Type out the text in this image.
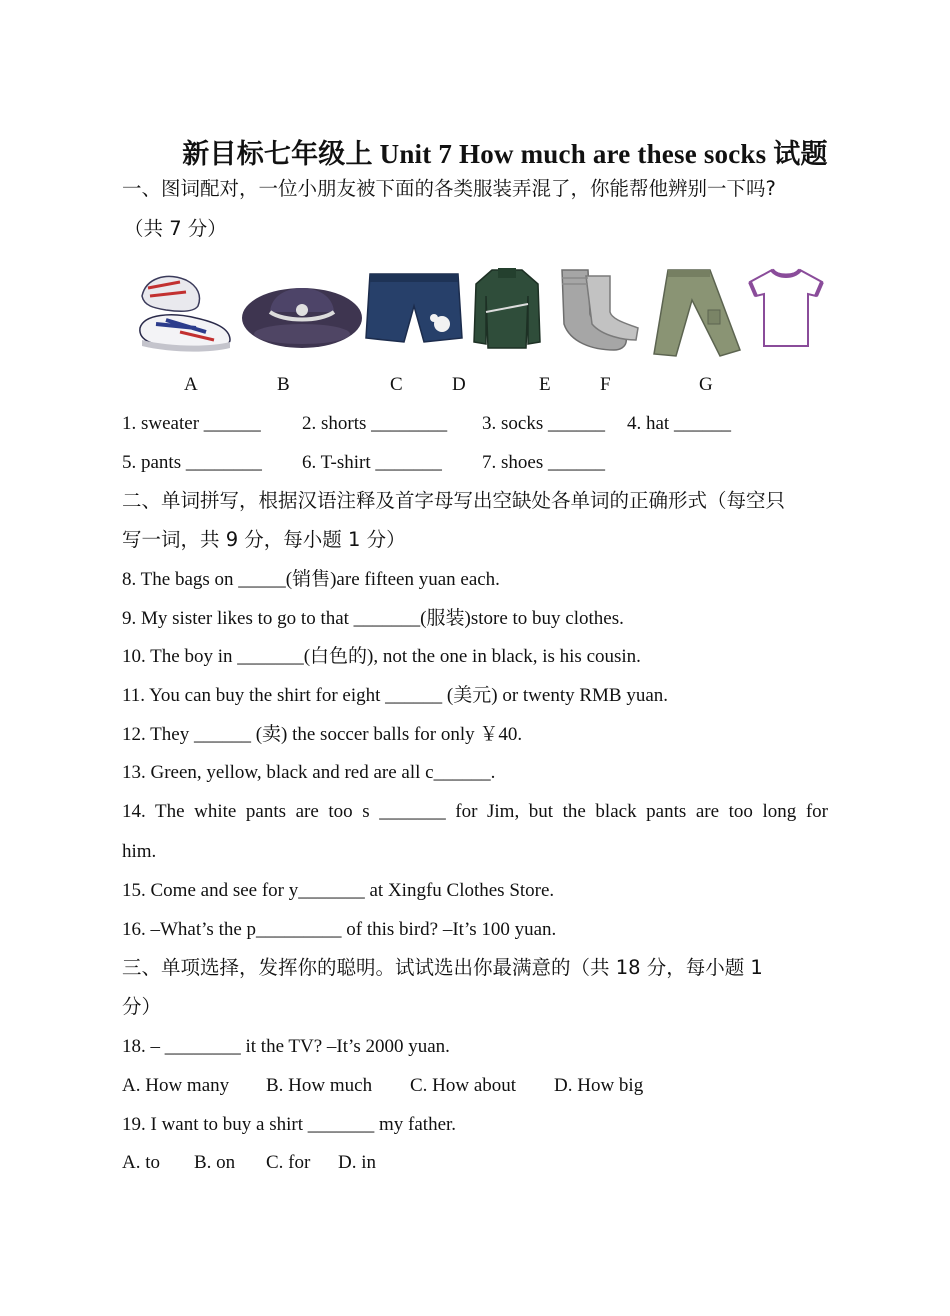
新目标七年级上 Unit 7 How much are these socks 试题
一、图词配对，一位小朋友被下面的各类服装弄混了，你能帮他辨别一下吗?
（共 7 分）
A	B	C	D	E	F	G
1. sweater ______ 2. shorts ________ 3. socks ______ 4. hat ______
5. pants ________ 6. T-shirt _______ 7. shoes ______
二、单词拼写，根据汉语注释及首字母写出空缺处各单词的正确形式（每空只
写一词，共 9 分，每小题 1 分）
8. The bags on _____(销售)are fifteen yuan each.
9. My sister likes to go to that _______(服装)store to buy clothes.
10. The boy in _______(白色的), not the one in black, is his cousin.
11. You can buy the shirt for eight ______ (美元) or twenty RMB yuan.
12. They ______ (卖) the soccer balls for only ￥40.
13. Green, yellow, black and red are all c______.
14. The white pants are too s _______ for Jim, but the black pants are too long for
him.
15. Come and see for y_______ at Xingfu Clothes Store.
16. –What’s the p_________ of this bird? –It’s 100 yuan.
三、单项选择，发挥你的聪明。试试选出你最满意的（共 18 分，每小题 1
分）
18. – ________ it the TV? –It’s 2000 yuan.
A. How many B. How much C. How about D. How big
19. I want to buy a shirt _______ my father.
A. to B. on C. for D. in
